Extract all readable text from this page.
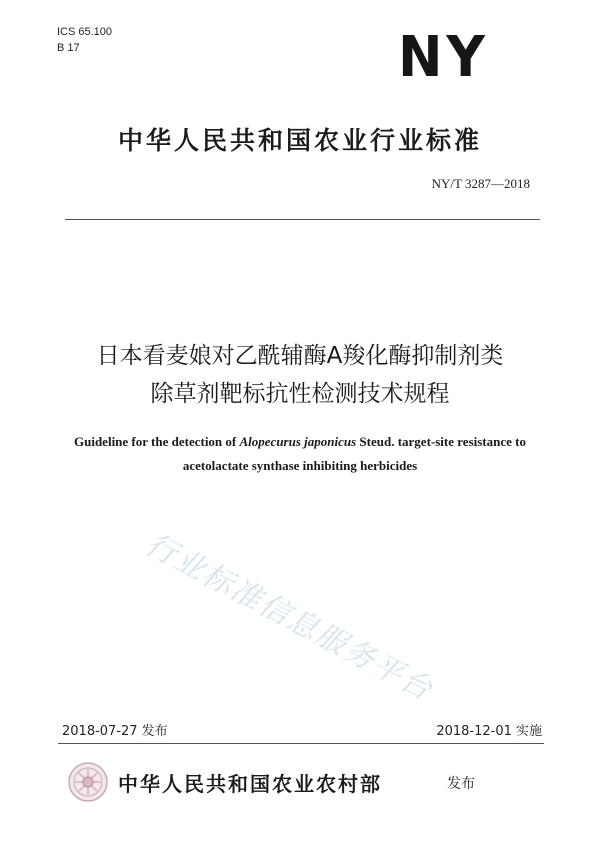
ICS 65.100
B 17	NY
中华人民共和国农业行业标准
NY/T 3287—2018
日本看麦娘对乙酰辅酶A羧化酶抑制剂类
除草剂靶标抗性检测技术规程
Guideline for the detection of Alopecurus japonicus Steud. target-site resistance to
acetolactate synthase inhibiting herbicides
行业标准信息服务平台
2018-07-27 发布	2018-12-01 实施
中华人民共和国农业农村部	发布
